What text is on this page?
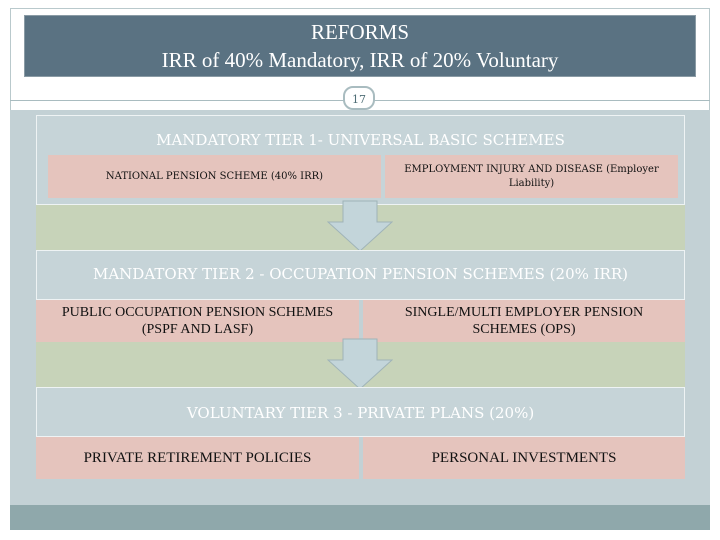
REFORMS
IRR of 40% Mandatory, IRR of 20% Voluntary
17
MANDATORY TIER 1- UNIVERSAL BASIC SCHEMES
NATIONAL PENSION SCHEME (40% IRR)
EMPLOYMENT INJURY AND DISEASE (Employer Liability)
MANDATORY TIER 2 - OCCUPATION PENSION SCHEMES (20% IRR)
PUBLIC OCCUPATION PENSION SCHEMES (PSPF AND LASF)
SINGLE/MULTI EMPLOYER PENSION SCHEMES (OPS)
VOLUNTARY TIER 3 - PRIVATE PLANS (20%)
PRIVATE RETIREMENT POLICIES	PERSONAL INVESTMENTS
